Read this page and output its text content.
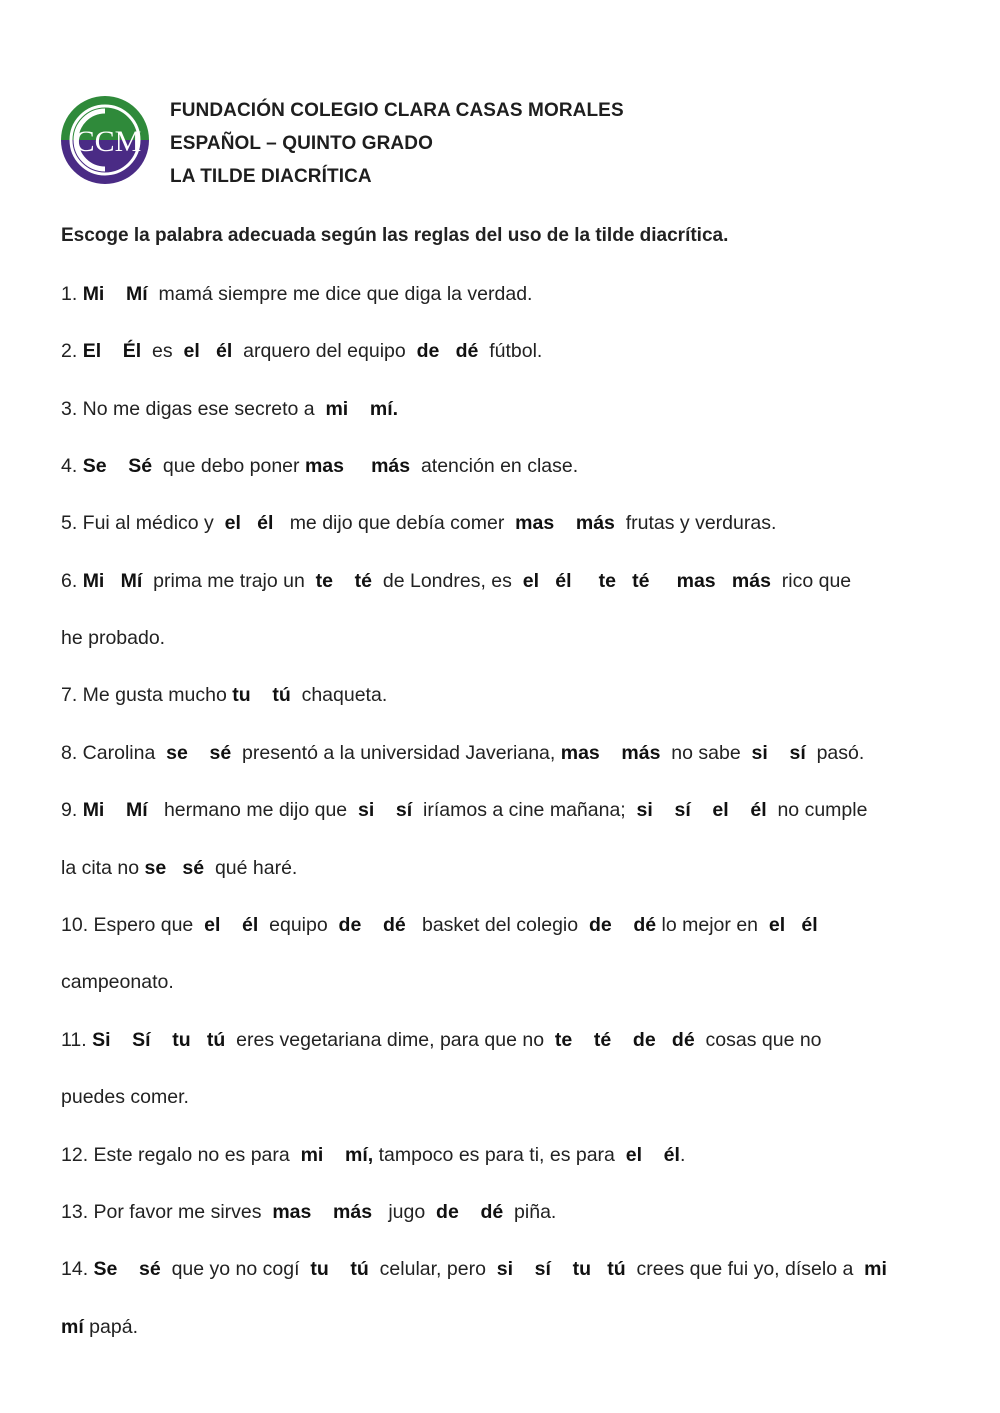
CCM
FUNDACIÓN COLEGIO CLARA CASAS MORALES
ESPAÑOL – QUINTO GRADO
LA TILDE DIACRÍTICA
Escoge la palabra adecuada según las reglas del uso de la tilde diacrítica.
1. Mi    Mí  mamá siempre me dice que diga la verdad.
2. El    Él  es  el   él  arquero del equipo  de   dé  fútbol.
3. No me digas ese secreto a  mi    mí.
4. Se    Sé  que debo poner mas     más  atención en clase.
5. Fui al médico y  el   él   me dijo que debía comer  mas    más  frutas y verduras.
6. Mi   Mí  prima me trajo un  te    té  de Londres, es  el   él te   té mas   más  rico que
he probado.
7. Me gusta mucho tu    tú  chaqueta.
8. Carolina  se    sé  presentó a la universidad Javeriana, mas    más  no sabe  si    sí  pasó.
9. Mi    Mí   hermano me dijo que  si    sí  iríamos a cine mañana;  si    sí    el    él  no cumple
la cita no se   sé  qué haré.
10. Espero que  el    él  equipo  de    dé   basket del colegio  de    dé lo mejor en  el   él
campeonato.
11. Si    Sí    tu   tú  eres vegetariana dime, para que no  te    té    de   dé  cosas que no
puedes comer.
12. Este regalo no es para  mi    mí, tampoco es para ti, es para  el    él.
13. Por favor me sirves  mas    más   jugo  de    dé  piña.
14. Se    sé  que yo no cogí  tu    tú  celular, pero  si    sí    tu   tú  crees que fui yo, díselo a  mi
mí papá.
